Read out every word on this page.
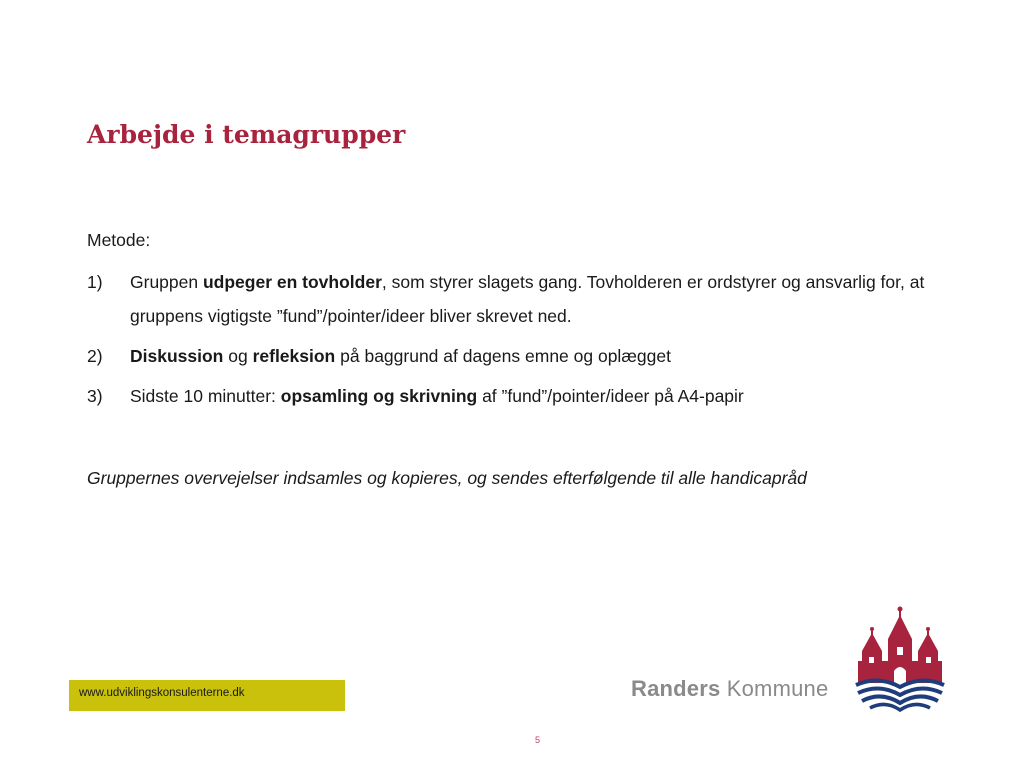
Arbejde i temagrupper

Metode:

1) Gruppen udpeger en tovholder, som styrer slagets gang. Tovholderen er ordstyrer og ansvarlig for, at gruppens vigtigste ”fund”/pointer/ideer bliver skrevet ned.
2) Diskussion og refleksion på baggrund af dagens emne og oplægget
3) Sidste 10 minutter: opsamling og skrivning af ”fund”/pointer/ideer på A4-papir

Gruppernes overvejelser indsamles og kopieres, og sendes efterfølgende til alle handicapråd

www.udviklingskonsulenterne.dk	Randers Kommune
5
